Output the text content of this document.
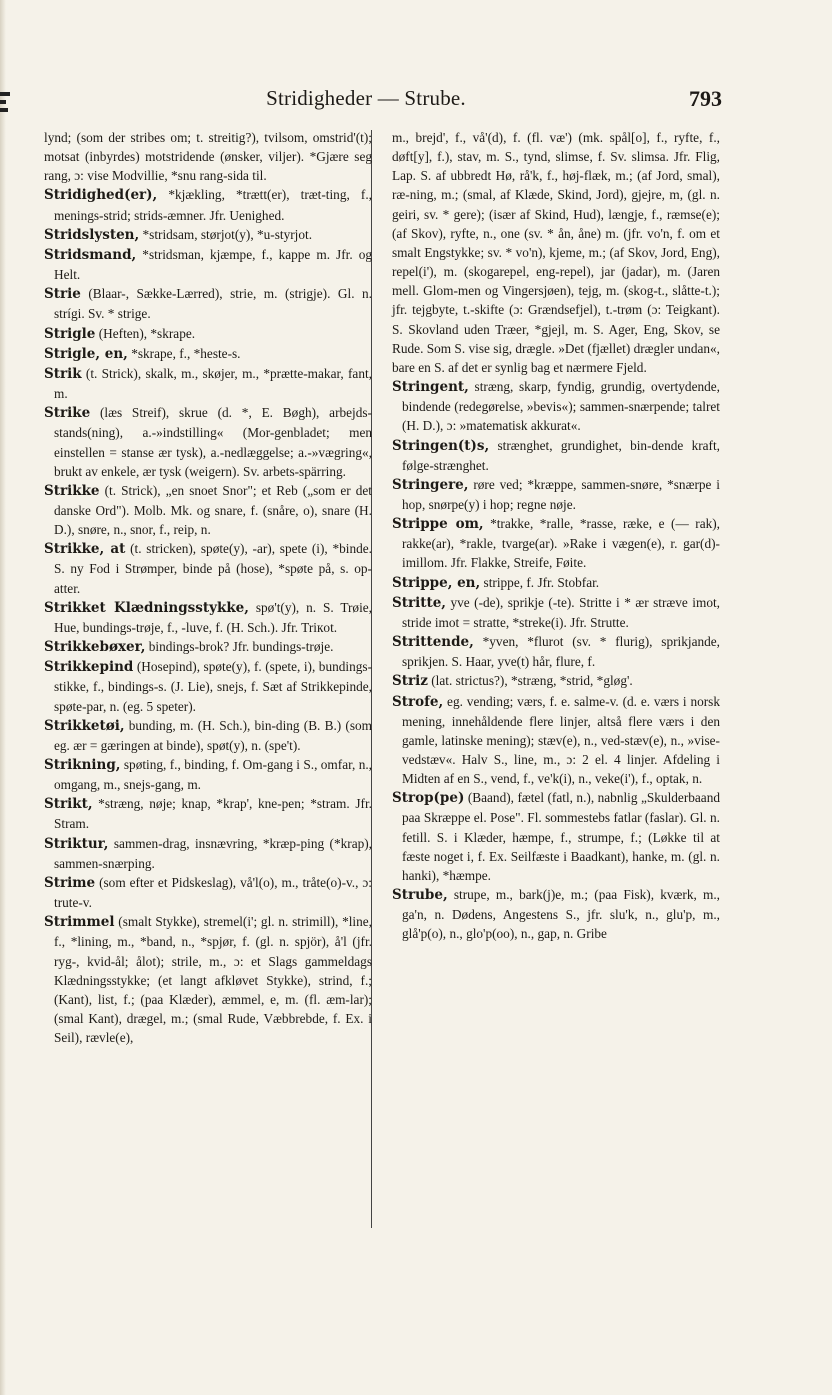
Stridigheder — Strube.	793

lynd; (som der stribes om; t. streitig?), tvilsom, omstrid'(t); motsat (inbyrdes) motstridende (ønsker, viljer). *Gjære seg rang, ɔ: vise Modvillie, *snu rang-sida til.

Stridighed(er), *kjækling, *trætt(er), træt-ting, f., menings-strid; strids-æmner. Jfr. Uenighed.

Stridslysten, *stridsam, størjot(y), *u-styrjot.

Stridsmand, *stridsman, kjæmpe, f., kappe m. Jfr. og Helt.

Strie (Blaar-, Sække-Lærred), strie, m. (strigje). Gl. n. strígi. Sv. * strige.

Strigle (Heften), *skrape.

Strigle, en, *skrape, f., *heste-s.

Strik (t. Strick), skalk, m., skøjer, m., *prætte-makar, fant, m.

Strike (læs Streif), skrue (d. *, E. Bøgh), arbejds-stands(ning), a.-»indstilling« (Mor-genbladet; men einstellen = stanse ær tysk), a.-nedlæggelse; a.-»vægring«, brukt av enkele, ær tysk (weigern). Sv. arbets-spärring.

Strikke (t. Strick), „en snoet Snor"; et Reb („som er det danske Ord"). Molb. Mk. og snare, f. (snåre, o), snare (H. D.), snøre, n., snor, f., reip, n.

Strikke, at (t. stricken), spøte(y), -ar), spete (i), *binde. S. ny Fod i Strømper, binde på (hose), *spøte på, s. op-atter.

Strikket Klædningsstykke, spø't(y), n. S. Trøie, Hue, bundings-trøje, f., -luve, f. (H. Sch.). Jfr. Triкot.

Strikkebøxer, bindings-brok? Jfr. bundings-trøje.

Strikkepind (Hosepind), spøte(y), f. (spete, i), bundings-stikke, f., bindings-s. (J. Lie), snejs, f. Sæt af Strikkepinde, spøte-par, n. (eg. 5 speter).

Strikketøi, bunding, m. (H. Sch.), bin-ding (B. B.) (som eg. ær = gæringen at binde), spøt(y), n. (spe't).

Strikning, spøting, f., binding, f. Om-gang i S., omfar, n., omgang, m., snejs-gang, m.

Strikt, *stræng, nøje; knap, *krap', kne-pen; *stram. Jfr. Stram.

Striktur, sammen-drag, insnævring, *kræp-ping (*krap), sammen-snærping.

Strime (som efter et Pidskeslag), vå'l(o), m., tråte(o)-v., ɔ: trute-v.

Strimmel (smalt Stykke), stremel(i'; gl. n. strimill), *line, f., *lining, m., *band, n., *spjør, f. (gl. n. spjör), å'l (jfr. ryg-, kvid-ål; ålot); strile, m., ɔ: et Slags gammeldags Klædningsstykke; (et langt afkløvet Stykke), strind, f.; (Kant), list, f.; (paa Klæder), æmmel, e, m. (fl. æm-lar); (smal Kant), drægel, m.; (smal Rude, Væbbrebde, f. Ex. i Seil), rævle(e),

m., brejd', f., vå'(d), f. (fl. væ') (mk. spål[o], f., ryfte, f., døft[y], f.), stav, m. S., tynd, slimse, f. Sv. slimsa. Jfr. Flig, Lap. S. af ubbredt Hø, rå'k, f., høj-flæk, m.; (af Jord, smal), ræ-ning, m.; (smal, af Klæde, Skind, Jord), gjejre, m, (gl. n. geiri, sv. * gere); (især af Skind, Hud), længje, f., ræmse(e); (af Skov), ryfte, n., one (sv. * ån, åne) m. (jfr. vo'n, f. om et smalt Engstykke; sv. * vo'n), kjeme, m.; (af Skov, Jord, Eng), repel(i'), m. (skogarepel, eng-repel), jar (jadar), m. (Jaren mell. Glom-men og Vingersjøen), tejg, m. (skog-t., slåtte-t.); jfr. tejgbyte, t.-skifte (ɔ: Grændsefjel), t.-trøm (ɔ: Teigkant). S. Skovland uden Træer, *gjejl, m. S. Ager, Eng, Skov, se Rude. Som S. vise sig, drægle. »Det (fjællet) drægler undan«, bare en S. af det er synlig bag et nærmere Fjeld.

Stringent, stræng, skarp, fyndig, grundig, overtydende, bindende (redegørelse, »bevis«); sammen-snærpende; talret (H. D.), ɔ: »matematisk akkurat«.

Stringen(t)s, strænghet, grundighet, bin-dende kraft, følge-strænghet.

Stringere, røre ved; *kræppe, sammen-snøre, *snærpe i hop, snørpe(y) i hop; regne nøje.

Strippe om, *trakke, *ralle, *rasse, ræke, e (— rak), rakke(ar), *rakle, tvarge(ar). »Rake i vægen(e), r. gar(d)-imillom. Jfr. Flakke, Streife, Føite.

Strippe, en, strippe, f. Jfr. Stobfar.

Stritte, yve (-de), sprikje (-te). Stritte i * ær stræve imot, stride imot = stratte, *streke(i). Jfr. Strutte.

Strittende, *yven, *flurot (sv. * flurig), sprikjande, sprikjen. S. Haar, yve(t) hår, flure, f.

Striz (lat. strictus?), *stræng, *strid, *gløg'.

Strofe, eg. vending; værs, f. e. salme-v. (d. e. værs i norsk mening, innehåldende flere linjer, altså flere værs i den gamle, latinske mening); stæv(e), n., ved-stæv(e), n., »vise-vedstæv«. Halv S., line, m., ɔ: 2 el. 4 linjer. Afdeling i Midten af en S., vend, f., ve'k(i), n., veke(i'), f., optak, n.

Strop(pe) (Baand), fætel (fatl, n.), nabnlig „Skulderbaand paa Skræppe el. Pose". Fl. sommestebs fatlar (faslar). Gl. n. fetill. S. i Klæder, hæmpe, f., strumpe, f.; (Løkke til at fæste noget i, f. Ex. Seilfæste i Baadkant), hanke, m. (gl. n. hanki), *hæmpe.

Strube, strupe, m., bark(j)e, m.; (paa Fisk), kværk, m., ga'n, n. Dødens, Angestens S., jfr. slu'k, n., glu'p, m., glå'p(o), n., glo'p(oo), n., gap, n. Gribe
